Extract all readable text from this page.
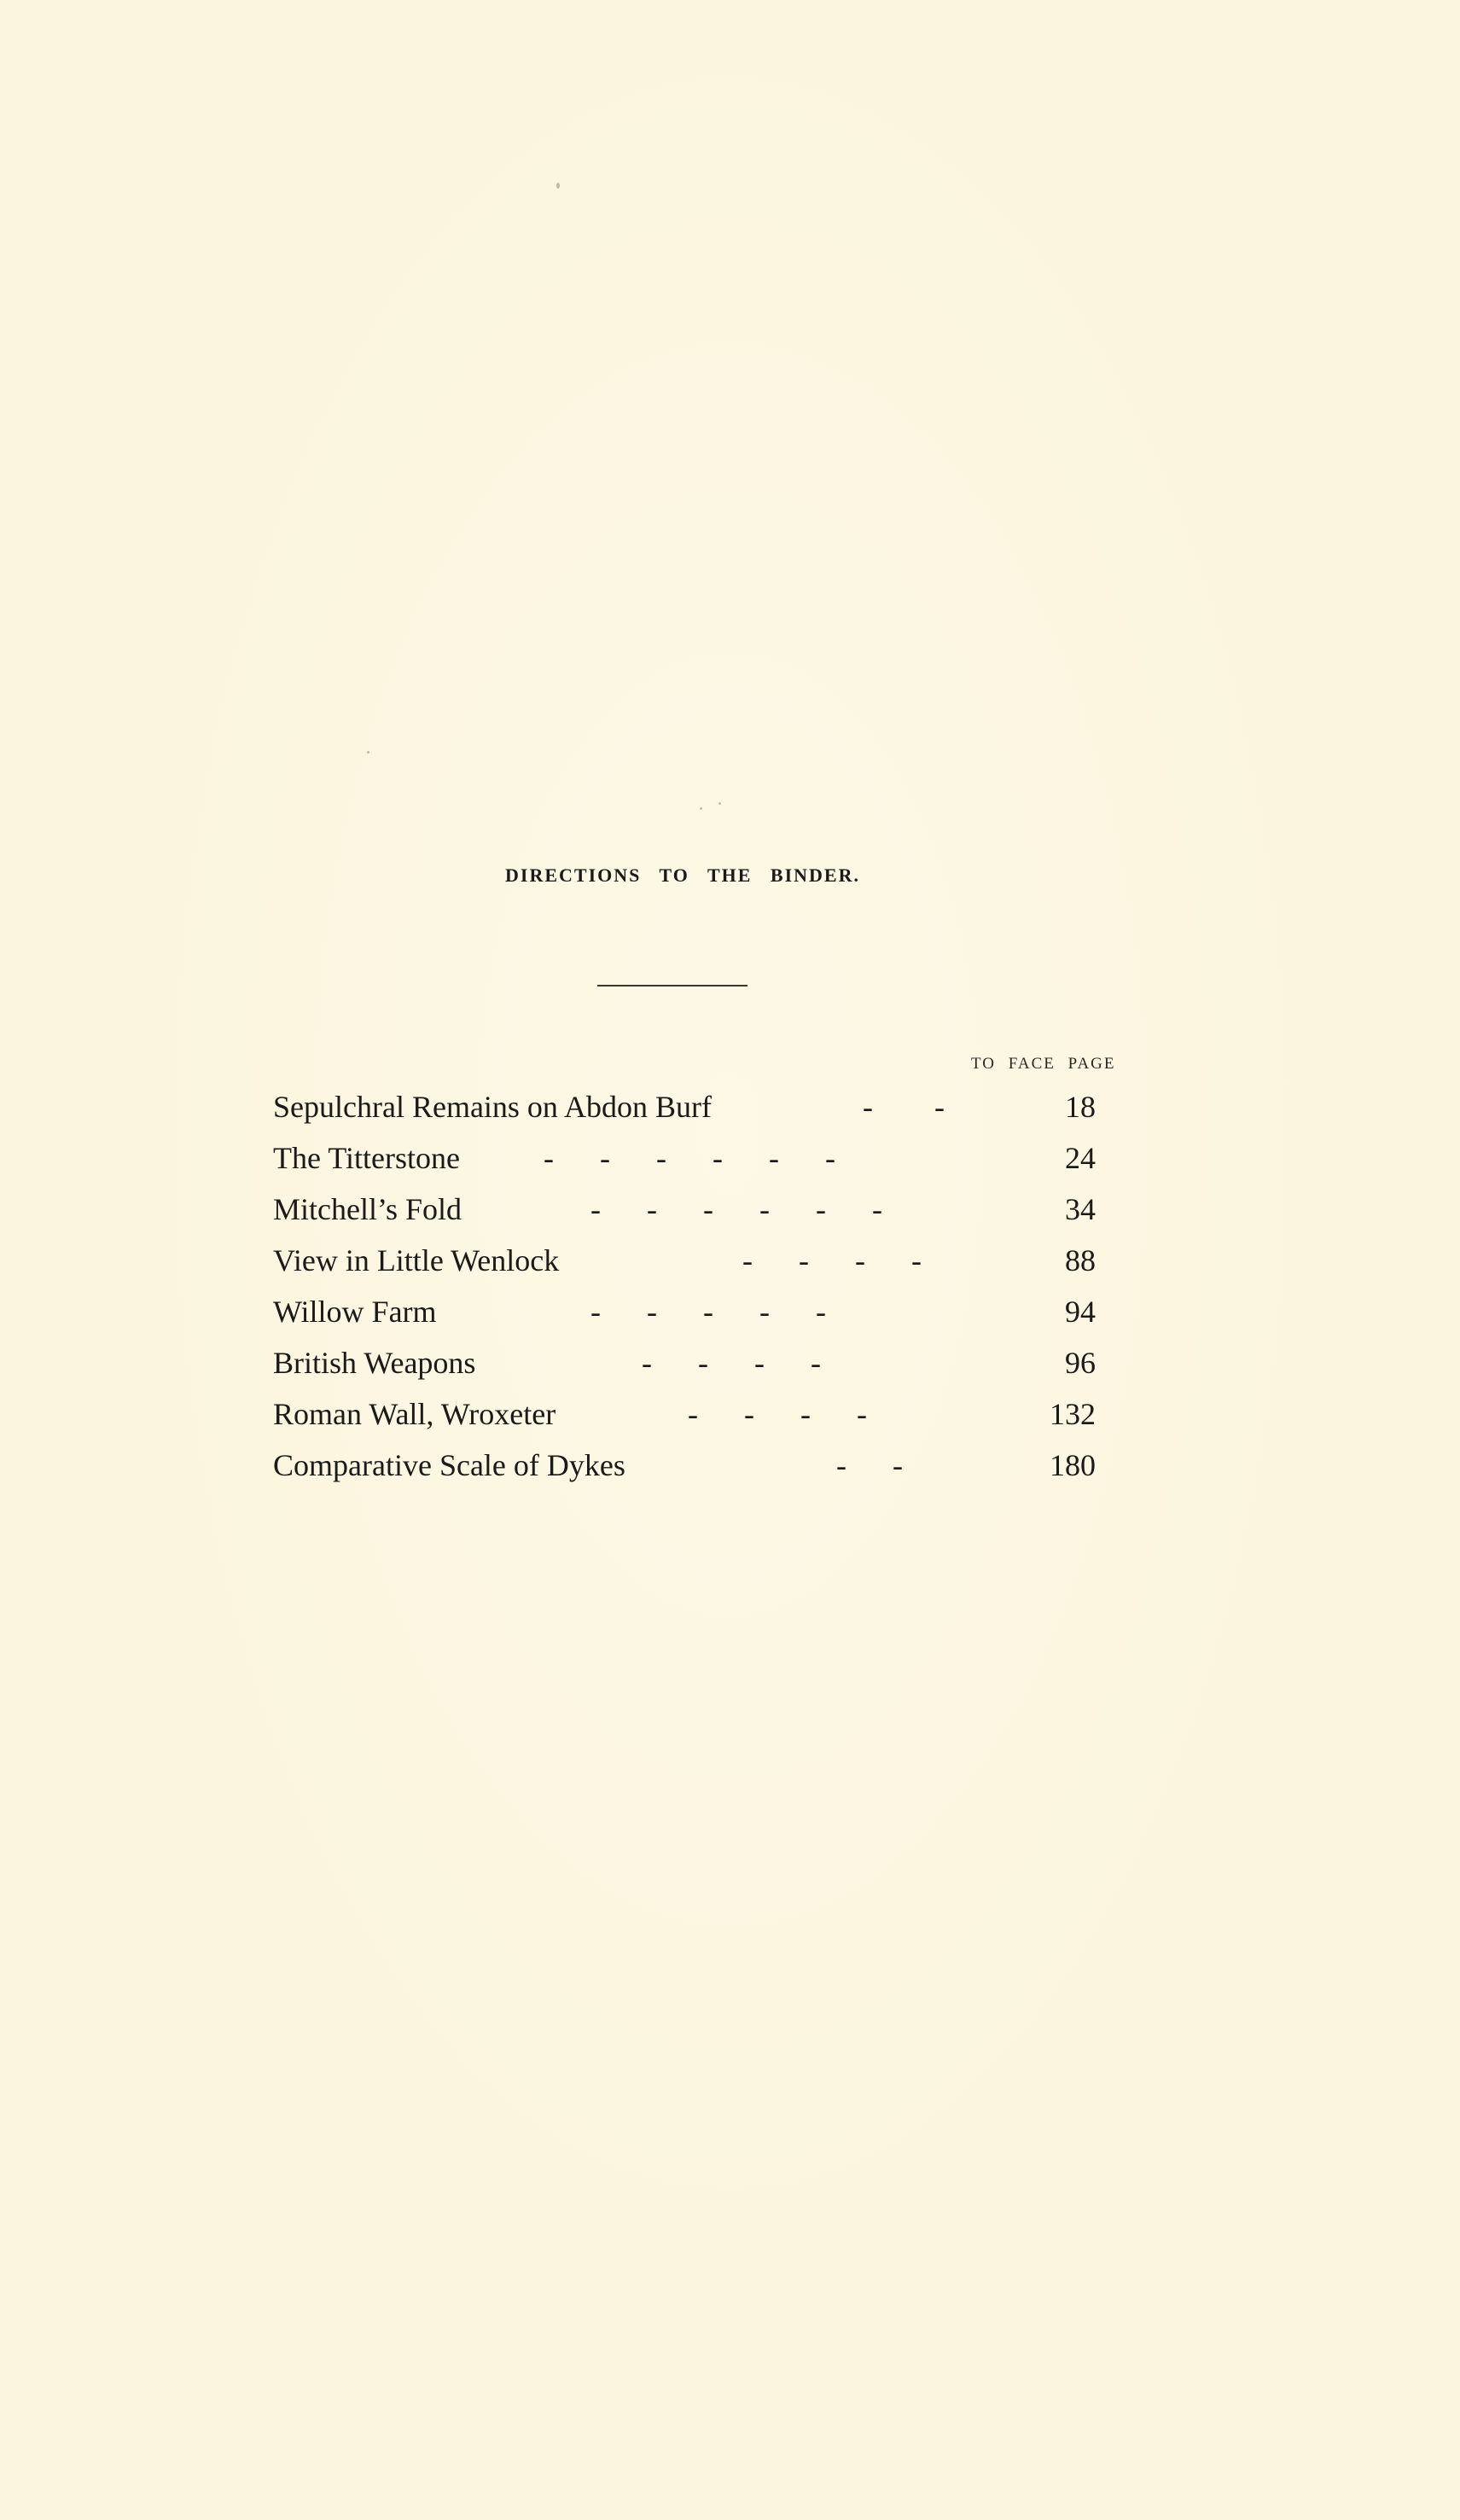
DIRECTIONS TO THE BINDER.
TO FACE PAGE
Sepulchral Remains on Abdon Burf	-        -	18
The Titterstone	-      -      -      -      -      -	24
Mitchell’s Fold	-      -      -      -      -      -	34
View in Little Wenlock	-      -      -      -	88
Willow Farm	-      -      -      -      -	94
British Weapons	-      -      -      -	96
Roman Wall, Wroxeter	-      -      -      -	132
Comparative Scale of Dykes	-      -	180
